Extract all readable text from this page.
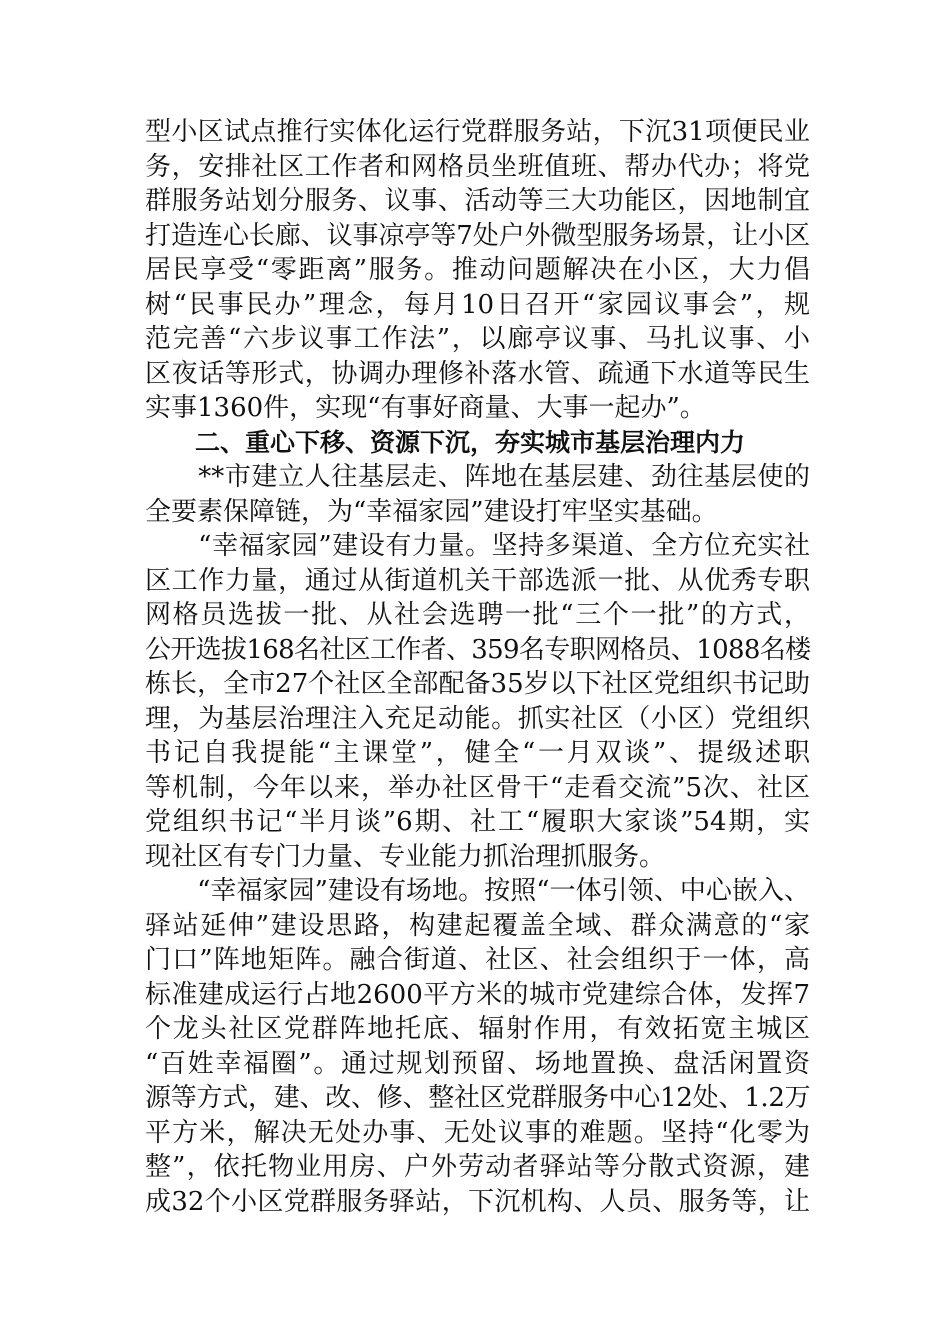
型小区试点推行实体化运行党群服务站，下沉31项便民业
务，安排社区工作者和网格员坐班值班、帮办代办；将党
群服务站划分服务、议事、活动等三大功能区，因地制宜
打造连心长廊、议事凉亭等7处户外微型服务场景，让小区
居民享受“零距离”服务。推动问题解决在小区，大力倡
树“民事民办”理念，每月10日召开“家园议事会”，规
范完善“六步议事工作法”，以廊亭议事、马扎议事、小
区夜话等形式，协调办理修补落水管、疏通下水道等民生
实事1360件，实现“有事好商量、大事一起办”。
　　二、重心下移、资源下沉，夯实城市基层治理内力
　　**市建立人往基层走、阵地在基层建、劲往基层使的
全要素保障链，为“幸福家园”建设打牢坚实基础。
　　“幸福家园”建设有力量。坚持多渠道、全方位充实社
区工作力量，通过从街道机关干部选派一批、从优秀专职
网格员选拔一批、从社会选聘一批“三个一批”的方式，
公开选拔168名社区工作者、359名专职网格员、1088名楼
栋长，全市27个社区全部配备35岁以下社区党组织书记助
理，为基层治理注入充足动能。抓实社区（小区）党组织
书记自我提能“主课堂”，健全“一月双谈”、提级述职
等机制，今年以来，举办社区骨干“走看交流”5次、社区
党组织书记“半月谈”6期、社工“履职大家谈”54期，实
现社区有专门力量、专业能力抓治理抓服务。
　　“幸福家园”建设有场地。按照“一体引领、中心嵌入、
驿站延伸”建设思路，构建起覆盖全域、群众满意的“家
门口”阵地矩阵。融合街道、社区、社会组织于一体，高
标准建成运行占地2600平方米的城市党建综合体，发挥7
个龙头社区党群阵地托底、辐射作用，有效拓宽主城区
“百姓幸福圈”。通过规划预留、场地置换、盘活闲置资
源等方式，建、改、修、整社区党群服务中心12处、1.2万
平方米，解决无处办事、无处议事的难题。坚持“化零为
整”，依托物业用房、户外劳动者驿站等分散式资源，建
成32个小区党群服务驿站，下沉机构、人员、服务等，让
